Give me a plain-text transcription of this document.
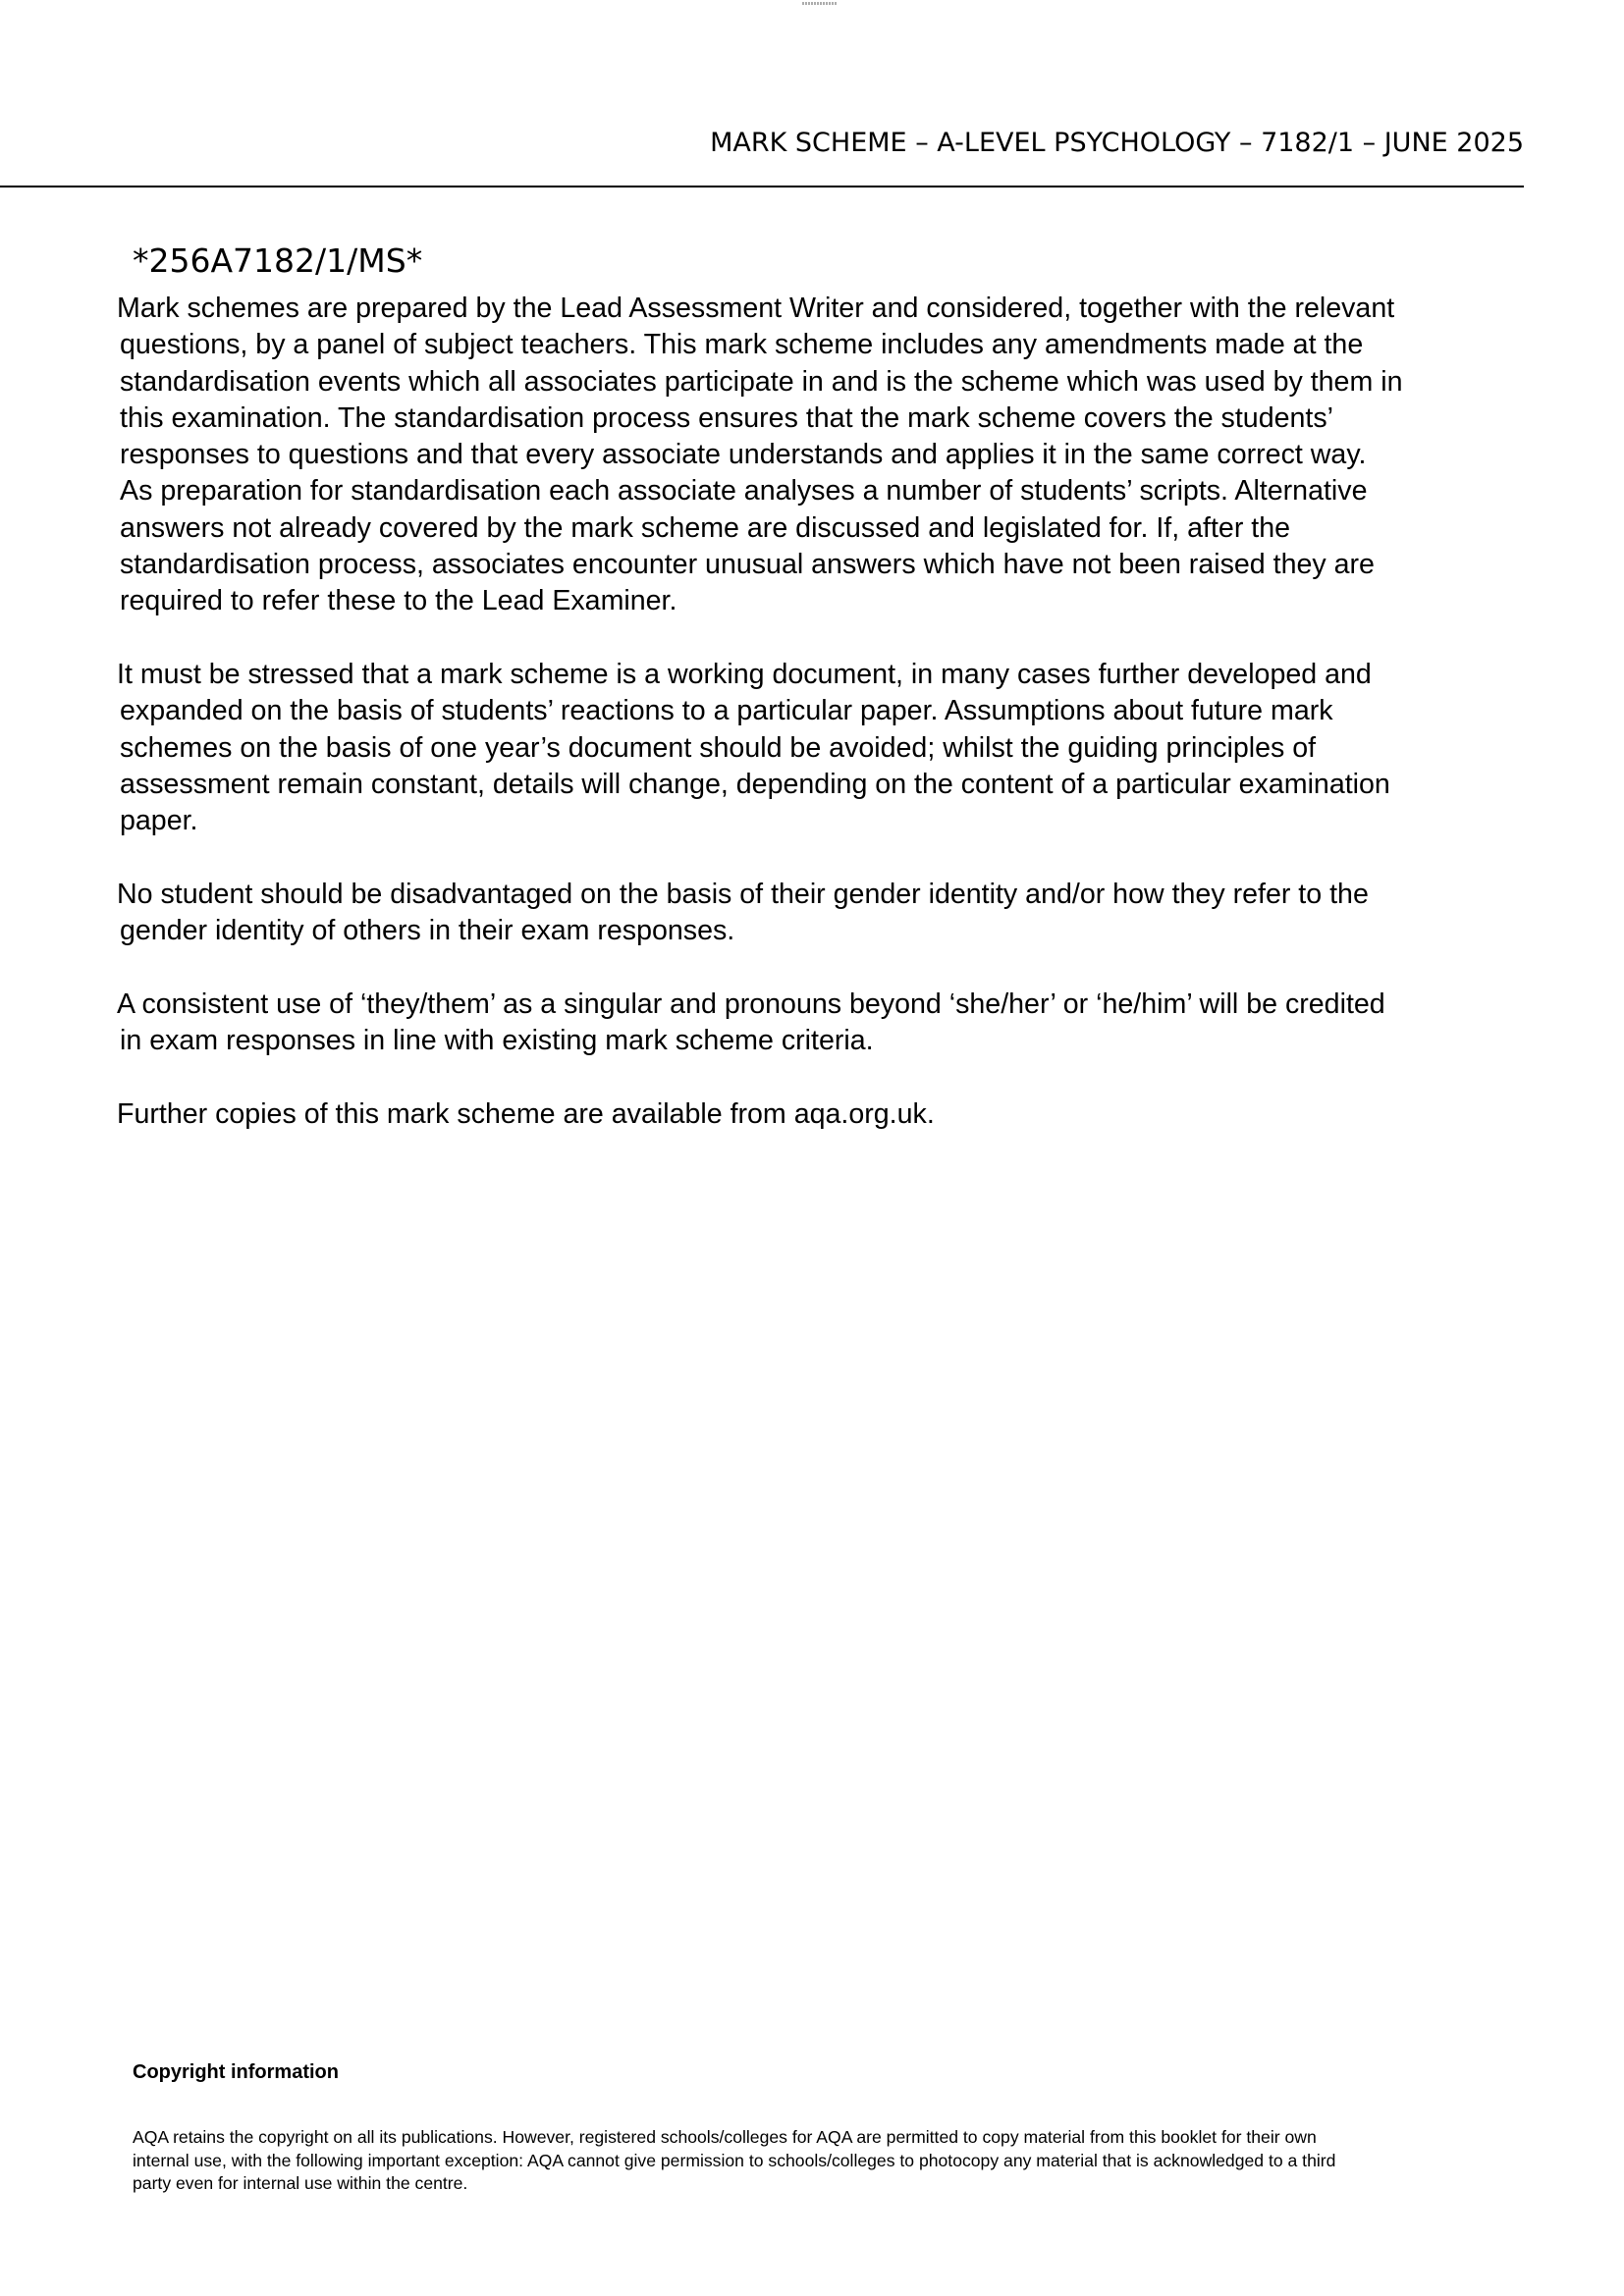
MARK SCHEME – A-LEVEL PSYCHOLOGY – 7182/1 – JUNE 2025
*256A7182/1/MS*
Mark schemes are prepared by the Lead Assessment Writer and considered, together with the relevant
questions, by a panel of subject teachers. This mark scheme includes any amendments made at the
standardisation events which all associates participate in and is the scheme which was used by them in
this examination. The standardisation process ensures that the mark scheme covers the students’
responses to questions and that every associate understands and applies it in the same correct way.
As preparation for standardisation each associate analyses a number of students’ scripts. Alternative
answers not already covered by the mark scheme are discussed and legislated for. If, after the
standardisation process, associates encounter unusual answers which have not been raised they are
required to refer these to the Lead Examiner.
It must be stressed that a mark scheme is a working document, in many cases further developed and
expanded on the basis of students’ reactions to a particular paper. Assumptions about future mark
schemes on the basis of one year’s document should be avoided; whilst the guiding principles of
assessment remain constant, details will change, depending on the content of a particular examination
paper.
No student should be disadvantaged on the basis of their gender identity and/or how they refer to the
gender identity of others in their exam responses.
A consistent use of ‘they/them’ as a singular and pronouns beyond ‘she/her’ or ‘he/him’ will be credited
in exam responses in line with existing mark scheme criteria.
Further copies of this mark scheme are available from aqa.org.uk.
Copyright information
AQA retains the copyright on all its publications. However, registered schools/colleges for AQA are permitted to copy material from this booklet for their own
internal use, with the following important exception: AQA cannot give permission to schools/colleges to photocopy any material that is acknowledged to a third
party even for internal use within the centre.
